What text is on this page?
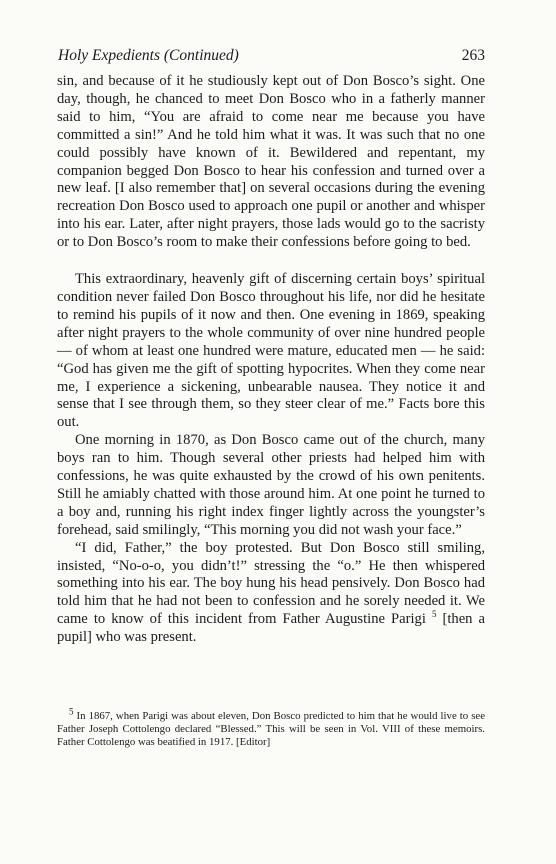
Holy Expedients (Continued)	263

sin, and because of it he studiously kept out of Don Bosco’s sight. One day, though, he chanced to meet Don Bosco who in a fatherly manner said to him, “You are afraid to come near me because you have committed a sin!” And he told him what it was. It was such that no one could possibly have known of it. Bewildered and repentant, my companion begged Don Bosco to hear his confession and turned over a new leaf. [I also remember that] on several occasions during the evening recreation Don Bosco used to approach one pupil or another and whisper into his ear. Later, after night prayers, those lads would go to the sacristy or to Don Bosco’s room to make their confessions before going to bed.

This extraordinary, heavenly gift of discerning certain boys’ spiritual condition never failed Don Bosco throughout his life, nor did he hesitate to remind his pupils of it now and then. One evening in 1869, speaking after night prayers to the whole community of over nine hundred people — of whom at least one hundred were mature, educated men — he said: “God has given me the gift of spotting hypocrites. When they come near me, I experience a sickening, unbearable nausea. They notice it and sense that I see through them, so they steer clear of me.” Facts bore this out.

One morning in 1870, as Don Bosco came out of the church, many boys ran to him. Though several other priests had helped him with confessions, he was quite exhausted by the crowd of his own penitents. Still he amiably chatted with those around him. At one point he turned to a boy and, running his right index finger lightly across the youngster’s forehead, said smilingly, “This morning you did not wash your face.”

“I did, Father,” the boy protested. But Don Bosco still smiling, insisted, “No-o-o, you didn’t!” stressing the “o.” He then whispered something into his ear. The boy hung his head pensively. Don Bosco had told him that he had not been to confession and he sorely needed it. We came to know of this incident from Father Augustine Parigi $^5$ [then a pupil] who was present.

$^5$ In 1867, when Parigi was about eleven, Don Bosco predicted to him that he would live to see Father Joseph Cottolengo declared “Blessed.” This will be seen in Vol. VIII of these memoirs. Father Cottolengo was beatified in 1917. [Editor]
